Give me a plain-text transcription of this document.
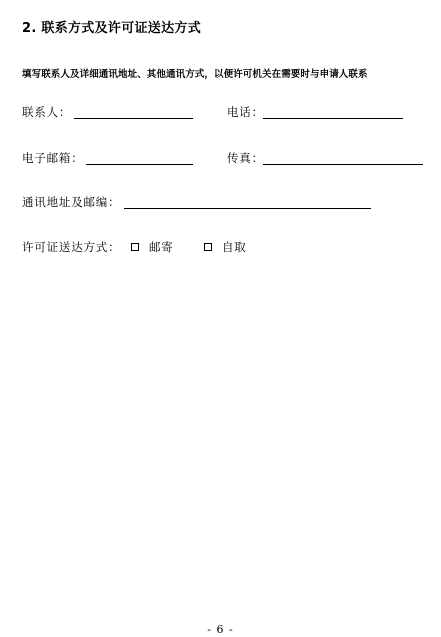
2. 联系方式及许可证送达方式
填写联系人及详细通讯地址、其他通讯方式，以便许可机关在需要时与申请人联系
联系人：	电话：
电子邮箱：	传真：
通讯地址及邮编：
许可证送达方式： 邮寄	自取
- 6 -
